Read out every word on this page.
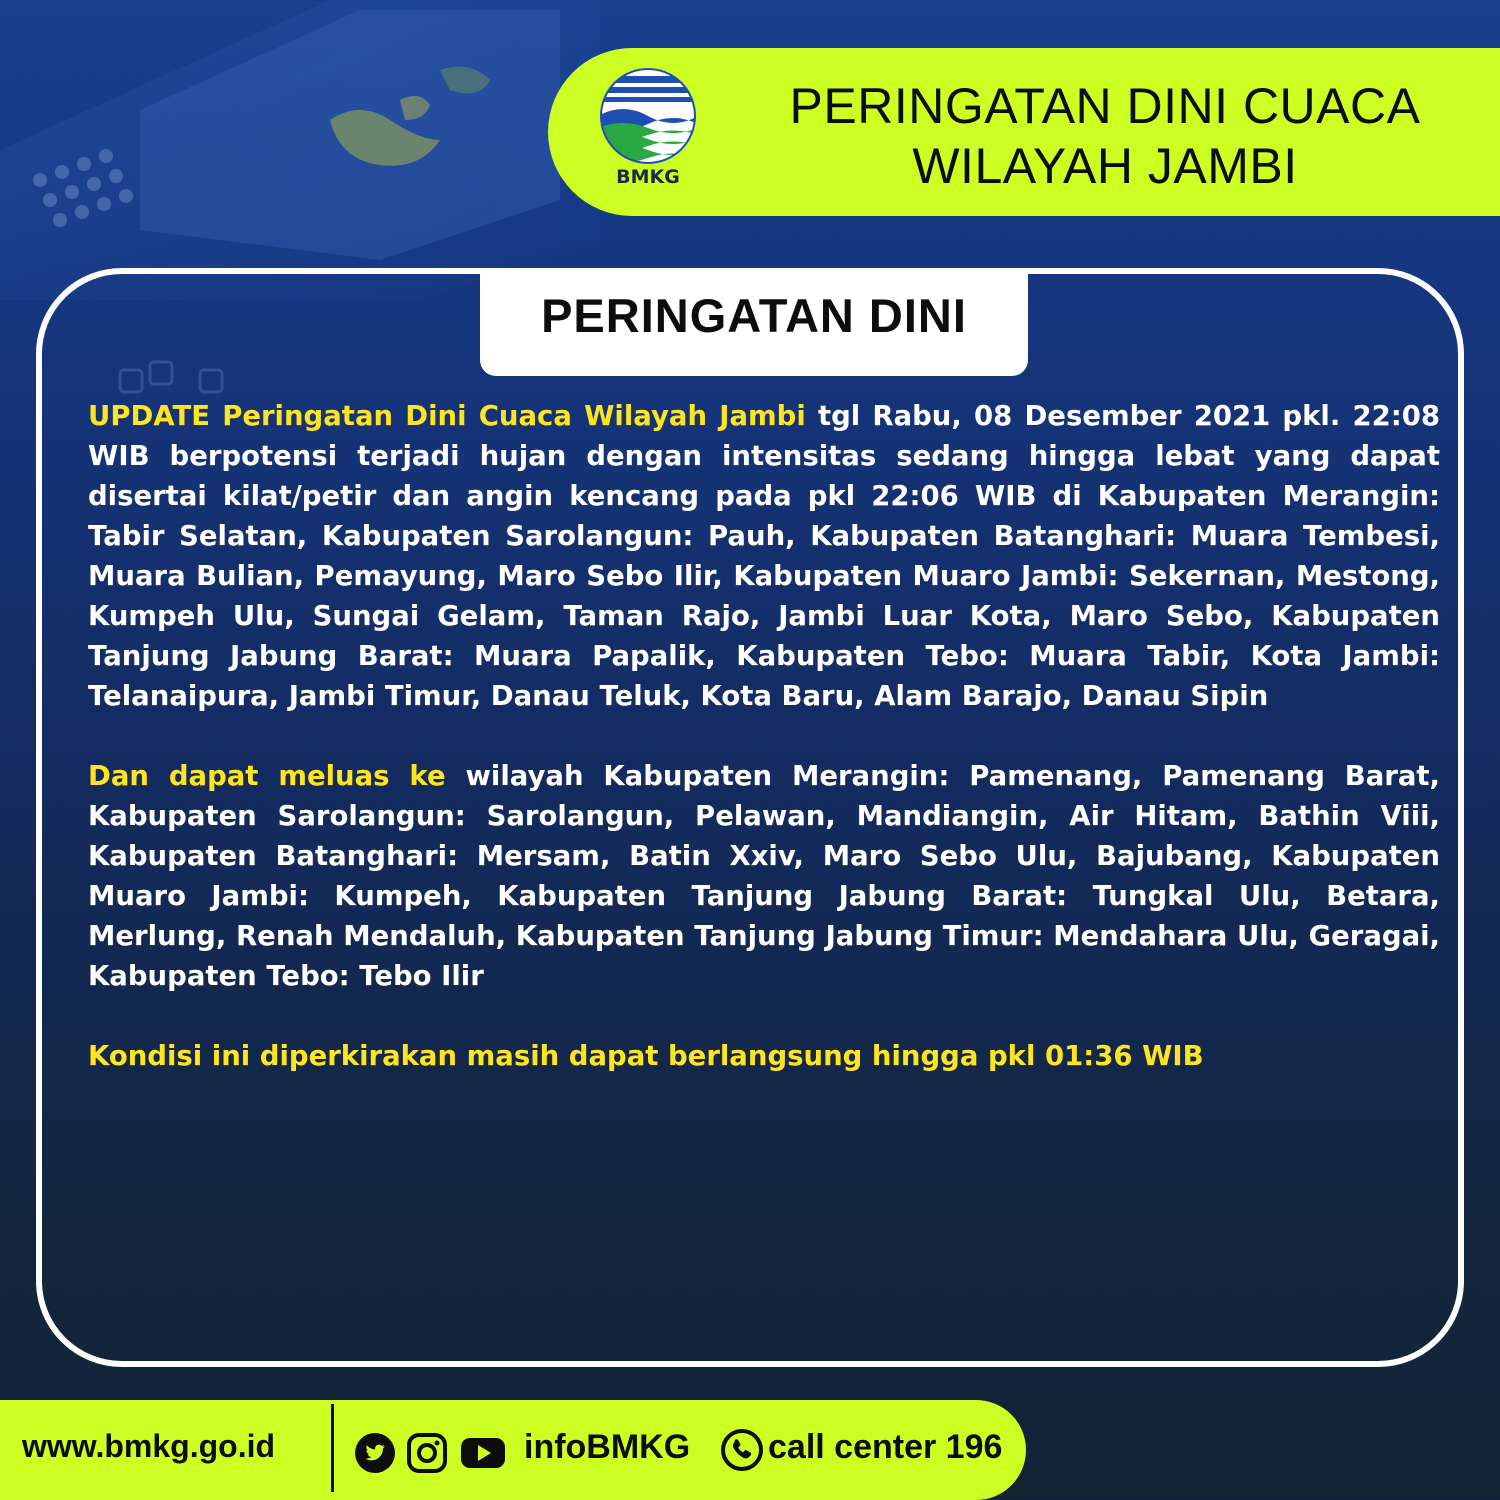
BMKG
PERINGATAN DINI CUACA
WILAYAH JAMBI
PERINGATAN DINI

UPDATE Peringatan Dini Cuaca Wilayah Jambi tgl Rabu, 08 Desember 2021 pkl. 22:08 WIB berpotensi terjadi hujan dengan intensitas sedang hingga lebat yang dapat disertai kilat/petir dan angin kencang pada pkl 22:06 WIB di Kabupaten Merangin: Tabir Selatan, Kabupaten Sarolangun: Pauh, Kabupaten Batanghari: Muara Tembesi, Muara Bulian, Pemayung, Maro Sebo Ilir, Kabupaten Muaro Jambi: Sekernan, Mestong, Kumpeh Ulu, Sungai Gelam, Taman Rajo, Jambi Luar Kota, Maro Sebo, Kabupaten Tanjung Jabung Barat: Muara Papalik, Kabupaten Tebo: Muara Tabir, Kota Jambi: Telanaipura, Jambi Timur, Danau Teluk, Kota Baru, Alam Barajo, Danau Sipin

Dan dapat meluas ke wilayah Kabupaten Merangin: Pamenang, Pamenang Barat, Kabupaten Sarolangun: Sarolangun, Pelawan, Mandiangin, Air Hitam, Bathin Viii, Kabupaten Batanghari: Mersam, Batin Xxiv, Maro Sebo Ulu, Bajubang, Kabupaten Muaro Jambi: Kumpeh, Kabupaten Tanjung Jabung Barat: Tungkal Ulu, Betara, Merlung, Renah Mendaluh, Kabupaten Tanjung Jabung Timur: Mendahara Ulu, Geragai, Kabupaten Tebo: Tebo Ilir

Kondisi ini diperkirakan masih dapat berlangsung hingga pkl 01:36 WIB

www.bmkg.go.id	infoBMKG call center 196
